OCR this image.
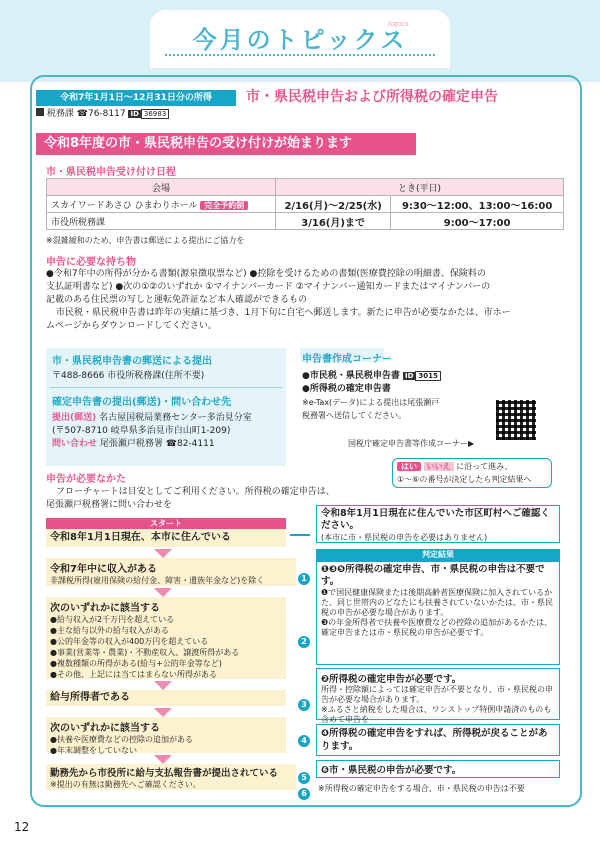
今月のトピックス
topics
令和7年1月1日〜12月31日分の所得	市・県民税申告および所得税の確定申告
税務課 ☎76-8117 ID 36983
令和8年度の市・県民税申告の受け付けが始まります
市・県民税申告受け付け日程
会場	とき(平日)	
スカイワードあさひ ひまわりホール 完全予約制	2/16(月)〜2/25(水)	9:30〜12:00、13:00〜16:00
市役所税務課	3/16(月)まで	9:00〜17:00
※混雑緩和のため、申告書は郵送による提出にご協力を
申告に必要な持ち物
●令和7年中の所得が分かる書類(源泉徴収票など) ●控除を受けるための書類(医療費控除の明細書、保険料の
支払証明書など) ●次の①②のいずれか ①マイナンバーカード ②マイナンバー通知カードまたはマイナンバーの
記載のある住民票の写しと運転免許証など本人確認ができるもの
市民税・県民税申告書は昨年の実績に基づき、1月下旬に自宅へ郵送します。新たに申告が必要なかたは、市ホー
ムページからダウンロードしてください。
市・県民税申告書の郵送による提出
〒488-8666 市役所税務課(住所不要)
確定申告書の提出(郵送)・問い合わせ先
提出(郵送) 名古屋国税局業務センター多治見分室
(〒507-8710 岐阜県多治見市白山町1-209)
問い合わせ 尾張瀬戸税務署 ☎82-4111
申告書作成コーナー
●市民税・県民税申告書 ID 3015
●所得税の確定申告書
※e-Tax(データ)による提出は尾張瀬戸
税務署へ送信してください。
国税庁確定申告書等作成コーナー▶
申告が必要なかた
フローチャートは目安としてご利用ください。所得税の確定申告は、
尾張瀬戸税務署に問い合わせを
はい いいえ に沿って進み、
①〜⑥の番号が決定したら判定結果へ
スタート
令和8年1月1日現在、本市に住んでいる
令和7年中に収入がある
非課税所得(雇用保険の給付金、障害・遺族年金など)を除く
次のいずれかに該当する
●給与収入が2千万円を超えている
●主な給与以外の給与収入がある
●公的年金等の収入が400万円を超えている
●事業(営業等・農業)・不動産収入、譲渡所得がある
●複数種類の所得がある(給与+公的年金等など)
●その他、上記には当てはまらない所得がある
給与所得者である
次のいずれかに該当する
●扶養や医療費などの控除の追加がある
●年末調整をしていない
勤務先から市役所に給与支払報告書が提出されている
※提出の有無は勤務先へご確認ください。
1
2
3
4
5
6
令和8年1月1日現在に住んでいた市区町村へご確認ください。
(本市に市・県民税の申告を必要はありません)
判定結果
❶❸❺所得税の確定申告、市・県民税の申告は不要です。
❶で国民健康保険または後期高齢者医療保険に加入されているかた、同じ世帯内のどなたにも扶養されていないかたは、市・県民税の申告が必要な場合があります。
❸の年金所得者で扶養や医療費などの控除の追加があるかたは、確定申告または市・県民税の申告が必要です。
❷所得税の確定申告が必要です。
所得・控除額によっては確定申告が不要となり、市・県民税の申告が必要な場合があります。
※ふるさと納税をした場合は、ワンストップ特例申請済のものも含めて申告を
❹所得税の確定申告をすれば、所得税が戻ることがあります。
❻市・県民税の申告が必要です。
※所得税の確定申告をする場合、市・県民税の申告は不要
12
